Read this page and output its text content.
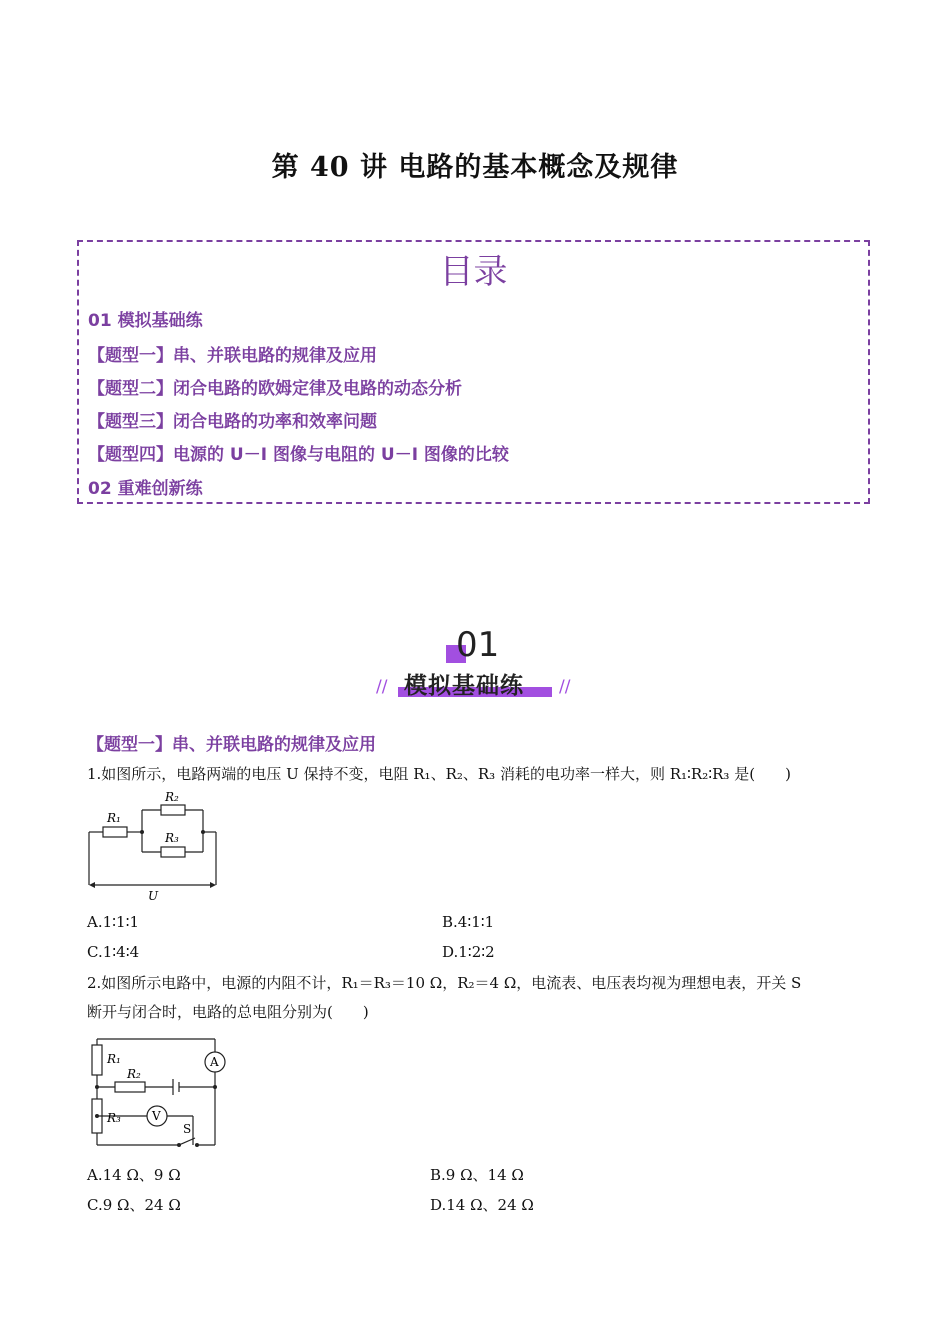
第 40 讲 电路的基本概念及规律
目录
01 模拟基础练
【题型一】串、并联电路的规律及应用
【题型二】闭合电路的欧姆定律及电路的动态分析
【题型三】闭合电路的功率和效率问题
【题型四】电源的 U－I 图像与电阻的 U－I 图像的比较
02 重难创新练
01
模拟基础练
//	//
【题型一】串、并联电路的规律及应用
1.如图所示，电路两端的电压 U 保持不变，电阻 R₁、R₂、R₃ 消耗的电功率一样大，则 R₁∶R₂∶R₃ 是(　　)
R₁
R₂
R₃
U
A.1∶1∶1	B.4∶1∶1
C.1∶4∶4	D.1∶2∶2
2.如图所示电路中，电源的内阻不计，R₁＝R₃＝10 Ω，R₂＝4 Ω，电流表、电压表均视为理想电表，开关 S
断开与闭合时，电路的总电阻分别为(　　)
R₁
R₂
R₃
A
V
S
A.14 Ω、9 Ω	B.9 Ω、14 Ω
C.9 Ω、24 Ω	D.14 Ω、24 Ω
